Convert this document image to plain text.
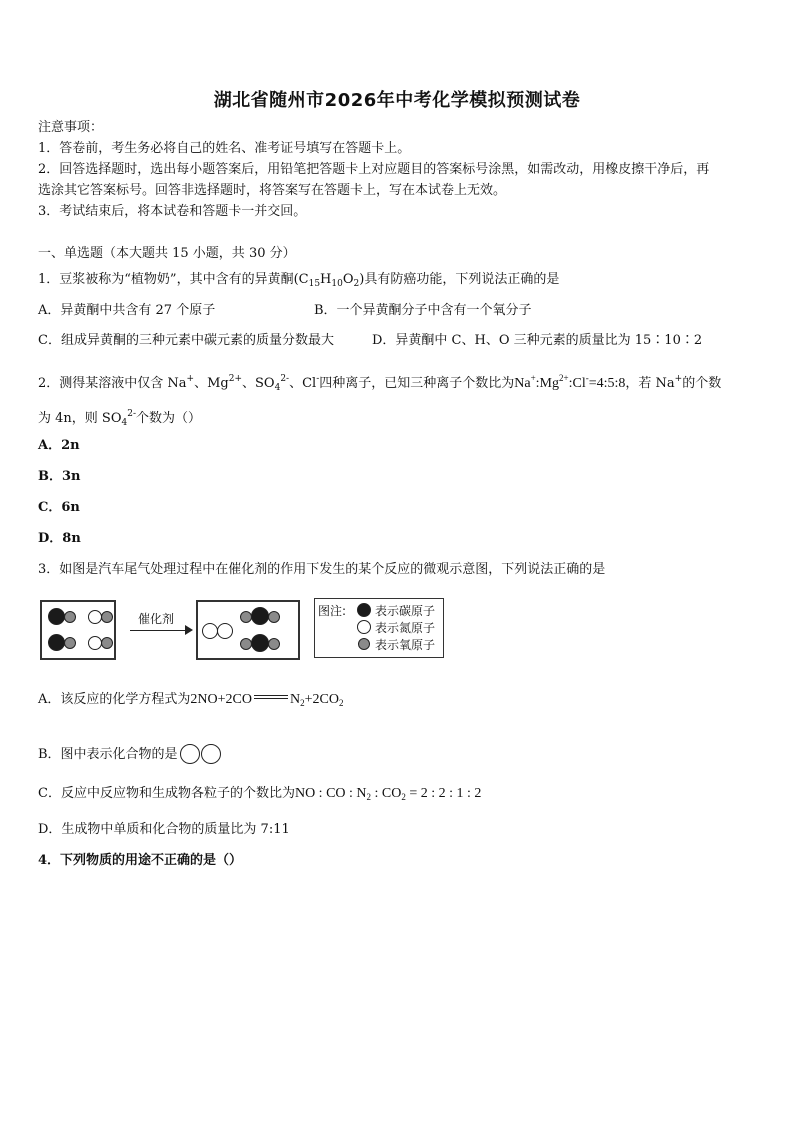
湖北省随州市2026年中考化学模拟预测试卷
注意事项：
1．答卷前，考生务必将自己的姓名、准考证号填写在答题卡上。
2．回答选择题时，选出每小题答案后，用铅笔把答题卡上对应题目的答案标号涂黑，如需改动，用橡皮擦干净后，再
选涂其它答案标号。回答非选择题时，将答案写在答题卡上，写在本试卷上无效。
3．考试结束后，将本试卷和答题卡一并交回。
一、单选题（本大题共 15 小题，共 30 分）
1．豆浆被称为“植物奶”，其中含有的异黄酮$(C_{15}H_{10}O_2)$具有防癌功能，下列说法正确的是
A．异黄酮中共含有 27 个原子	B．一个异黄酮分子中含有一个氧分子
C．组成异黄酮的三种元素中碳元素的质量分数最大	D．异黄酮中 C、H、O 三种元素的质量比为 15∶10∶2
2．测得某溶液中仅含 Na+、$Mg^{2+}$、$SO_4^{2-}$、Cl-四种离子，已知三种离子个数比为$Na^+:Mg^{2+}:Cl^-=4:5:8$，若 Na+的个数
为 4n，则 $SO_4^{2-}$个数为（）
A．2n
B．3n
C．6n
D．8n
3．如图是汽车尾气处理过程中在催化剂的作用下发生的某个反应的微观示意图，下列说法正确的是
催化剂
图注: 表示碳原子
表示氮原子
表示氧原子
A．该反应的化学方程式为2NO+2CO	$N_2+2CO_2$
B．图中表示化合物的是
C．反应中反应物和生成物各粒子的个数比为NO : CO : $N_2$ : $CO_2 = 2$ : 2 : 1 : 2
D．生成物中单质和化合物的质量比为 7:11
4．下列物质的用途不正确的是（）
